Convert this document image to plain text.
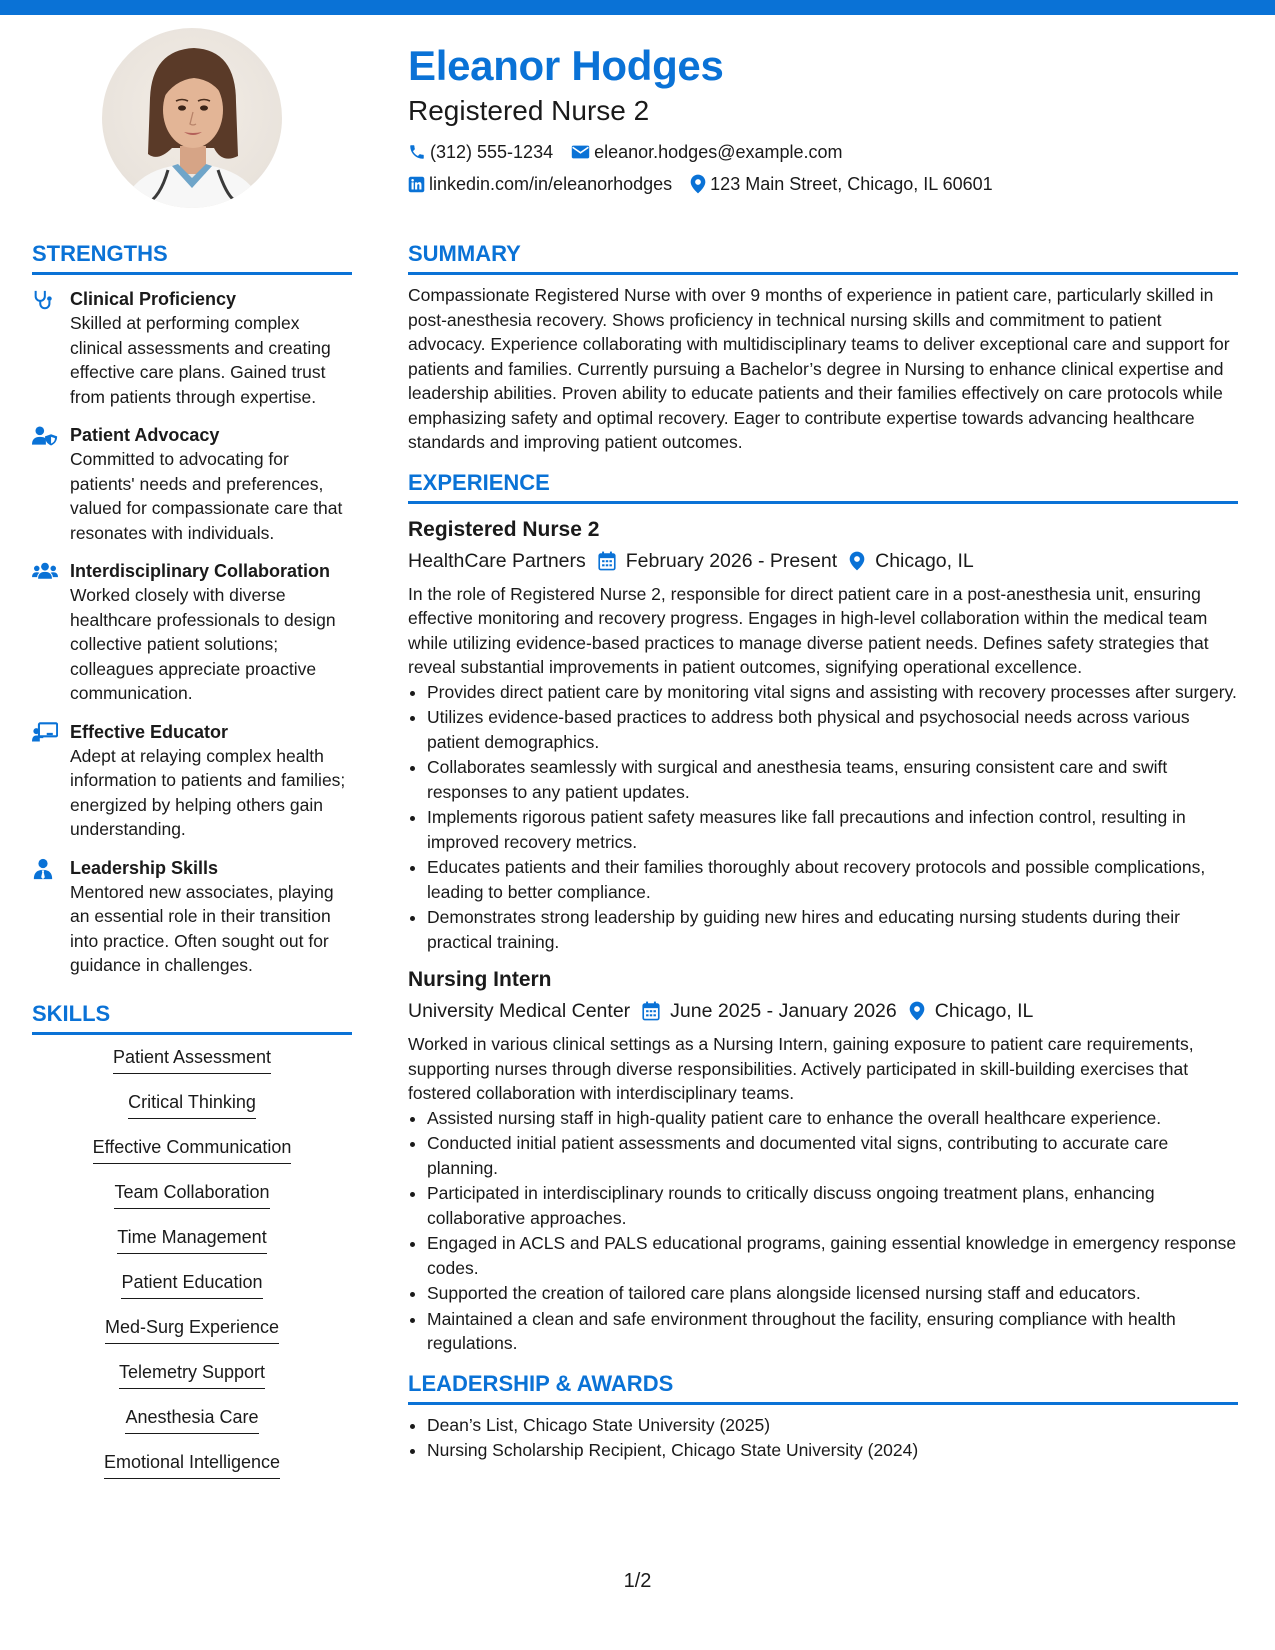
Eleanor Hodges
Registered Nurse 2
(312) 555-1234 eleanor.hodges@example.com
linkedin.com/in/eleanorhodges 123 Main Street, Chicago, IL 60601
STRENGTHS
Clinical Proficiency
Skilled at performing complex clinical assessments and creating effective care plans. Gained trust from patients through expertise.
Patient Advocacy
Committed to advocating for patients' needs and preferences, valued for compassionate care that resonates with individuals.
Interdisciplinary Collaboration
Worked closely with diverse healthcare professionals to design collective patient solutions; colleagues appreciate proactive communication.
Effective Educator
Adept at relaying complex health information to patients and families; energized by helping others gain understanding.
Leadership Skills
Mentored new associates, playing an essential role in their transition into practice. Often sought out for guidance in challenges.
SKILLS
Patient Assessment
Critical Thinking
Effective Communication
Team Collaboration
Time Management
Patient Education
Med-Surg Experience
Telemetry Support
Anesthesia Care
Emotional Intelligence
SUMMARY

Compassionate Registered Nurse with over 9 months of experience in patient care, particularly skilled in post-anesthesia recovery. Shows proficiency in technical nursing skills and commitment to patient advocacy. Experience collaborating with multidisciplinary teams to deliver exceptional care and support for patients and families. Currently pursuing a Bachelor’s degree in Nursing to enhance clinical expertise and leadership abilities. Proven ability to educate patients and their families effectively on care protocols while emphasizing safety and optimal recovery. Eager to contribute expertise towards advancing healthcare standards and improving patient outcomes.

EXPERIENCE
Registered Nurse 2
HealthCare Partners February 2026 - Present Chicago, IL

In the role of Registered Nurse 2, responsible for direct patient care in a post-anesthesia unit, ensuring effective monitoring and recovery progress. Engages in high-level collaboration within the medical team while utilizing evidence-based practices to manage diverse patient needs. Defines safety strategies that reveal substantial improvements in patient outcomes, signifying operational excellence.

• Provides direct patient care by monitoring vital signs and assisting with recovery processes after surgery.
• Utilizes evidence-based practices to address both physical and psychosocial needs across various patient demographics.
• Collaborates seamlessly with surgical and anesthesia teams, ensuring consistent care and swift responses to any patient updates.
• Implements rigorous patient safety measures like fall precautions and infection control, resulting in improved recovery metrics.
• Educates patients and their families thoroughly about recovery protocols and possible complications, leading to better compliance.
• Demonstrates strong leadership by guiding new hires and educating nursing students during their practical training.
Nursing Intern
University Medical Center June 2025 - January 2026 Chicago, IL

Worked in various clinical settings as a Nursing Intern, gaining exposure to patient care requirements, supporting nurses through diverse responsibilities. Actively participated in skill-building exercises that fostered collaboration with interdisciplinary teams.

• Assisted nursing staff in high-quality patient care to enhance the overall healthcare experience.
• Conducted initial patient assessments and documented vital signs, contributing to accurate care planning.
• Participated in interdisciplinary rounds to critically discuss ongoing treatment plans, enhancing collaborative approaches.
• Engaged in ACLS and PALS educational programs, gaining essential knowledge in emergency response codes.
• Supported the creation of tailored care plans alongside licensed nursing staff and educators.
• Maintained a clean and safe environment throughout the facility, ensuring compliance with health regulations.
LEADERSHIP & AWARDS
• Dean’s List, Chicago State University (2025)
• Nursing Scholarship Recipient, Chicago State University (2024)
1/2
